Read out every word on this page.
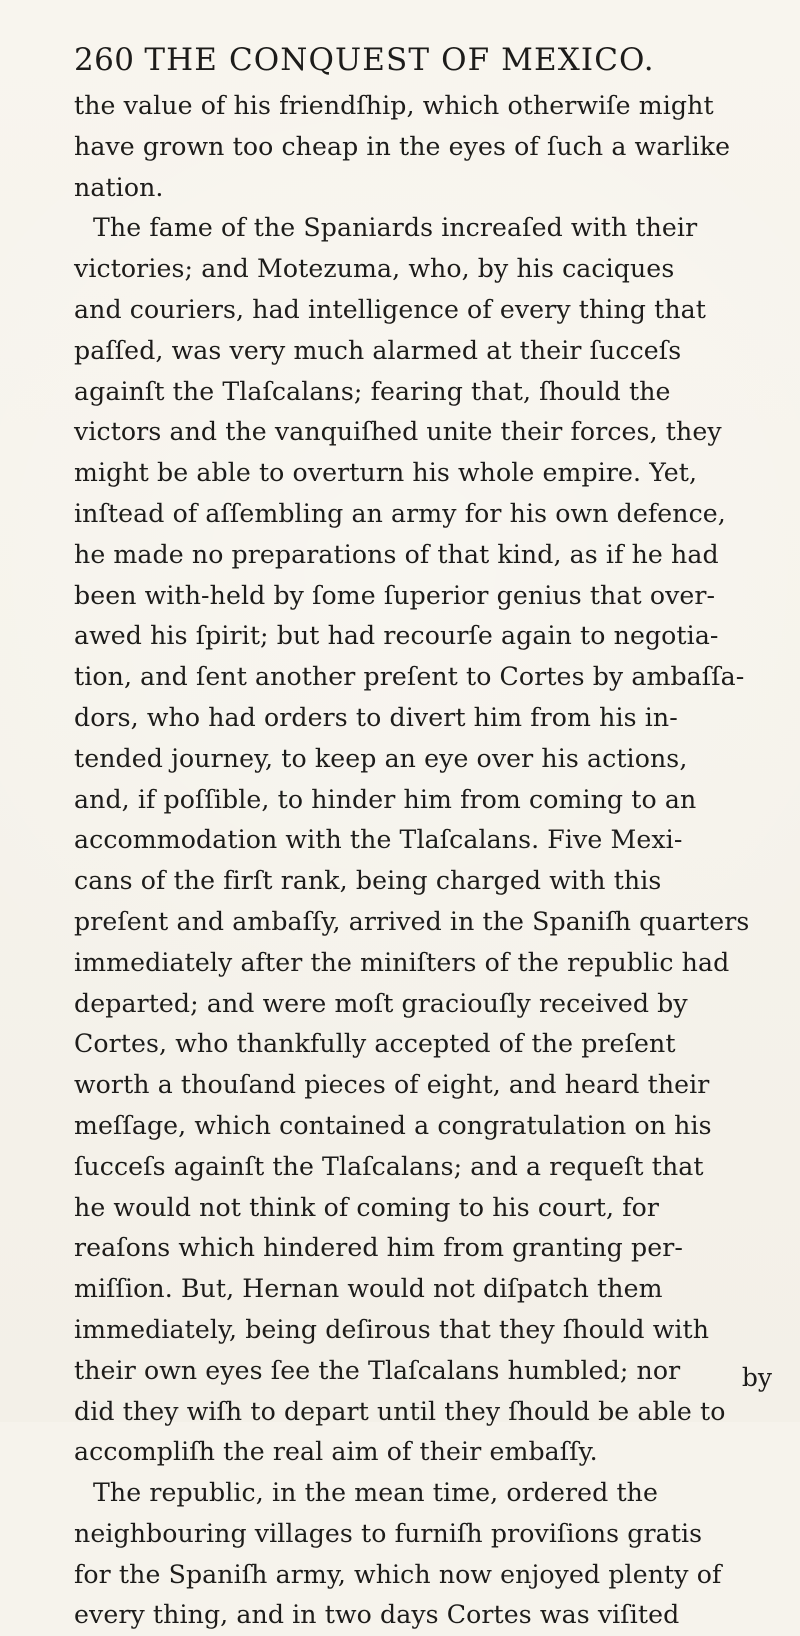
260 THE CONQUEST OF MEXICO.
the value of his friendſhip, which otherwiſe might
have grown too cheap in the eyes of ſuch a warlike
nation.
The fame of the Spaniards increaſed with their
victories; and Motezuma, who, by his caciques
and couriers, had intelligence of every thing that
paſſed, was very much alarmed at their ſucceſs
againſt the Tlaſcalans; fearing that, ſhould the
victors and the vanquiſhed unite their forces, they
might be able to overturn his whole empire. Yet,
inſtead of aſſembling an army for his own defence,
he made no preparations of that kind, as if he had
been with-held by ſome ſuperior genius that over-
awed his ſpirit; but had recourſe again to negotia-
tion, and ſent another preſent to Cortes by ambaſſa-
dors, who had orders to divert him from his in-
tended journey, to keep an eye over his actions,
and, if poſſible, to hinder him from coming to an
accommodation with the Tlaſcalans. Five Mexi-
cans of the firſt rank, being charged with this
preſent and ambaſſy, arrived in the Spaniſh quarters
immediately after the miniſters of the republic had
departed; and were moſt graciouſly received by
Cortes, who thankfully accepted of the preſent
worth a thouſand pieces of eight, and heard their
meſſage, which contained a congratulation on his
ſucceſs againſt the Tlaſcalans; and a requeſt that
he would not think of coming to his court, for
reaſons which hindered him from granting per-
miſſion. But, Hernan would not diſpatch them
immediately, being deſirous that they ſhould with
their own eyes ſee the Tlaſcalans humbled; nor
did they wiſh to depart until they ſhould be able to
accompliſh the real aim of their embaſſy.
The republic, in the mean time, ordered the
neighbouring villages to furniſh proviſions gratis
for the Spaniſh army, which now enjoyed plenty of
every thing, and in two days Cortes was viſited
by
